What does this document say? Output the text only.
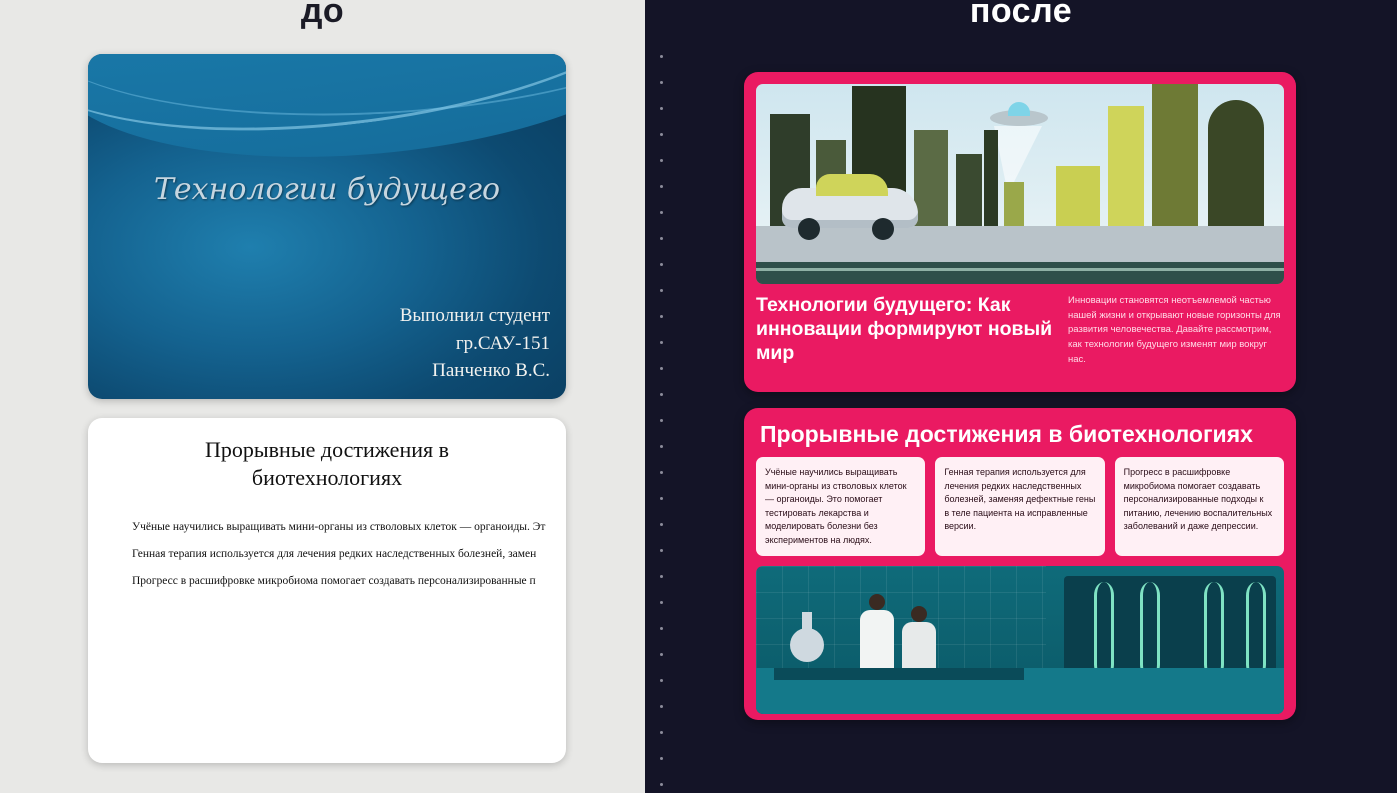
до
Технологии будущего
Выполнил студент
гр.САУ-151
Панченко В.С.
Прорывные достижения в биотехнологиях
Учёные научились выращивать мини-органы из стволовых клеток — органоиды. Эт
Генная терапия используется для лечения редких наследственных болезней, замен
Прогресс в расшифровке микробиома помогает создавать персонализированные п
после
Технологии будущего: Как инновации формируют новый мир
Инновации становятся неотъемлемой частью нашей жизни и открывают новые горизонты для развития человечества. Давайте рассмотрим, как технологии будущего изменят мир вокруг нас.
Прорывные достижения в биотехнологиях
Учёные научились выращивать мини-органы из стволовых клеток — органоиды. Это помогает тестировать лекарства и моделировать болезни без экспериментов на людях.
Генная терапия используется для лечения редких наследственных болезней, заменяя дефектные гены в теле пациента на исправленные версии.
Прогресс в расшифровке микробиома помогает создавать персонализированные подходы к питанию, лечению воспалительных заболеваний и даже депрессии.
